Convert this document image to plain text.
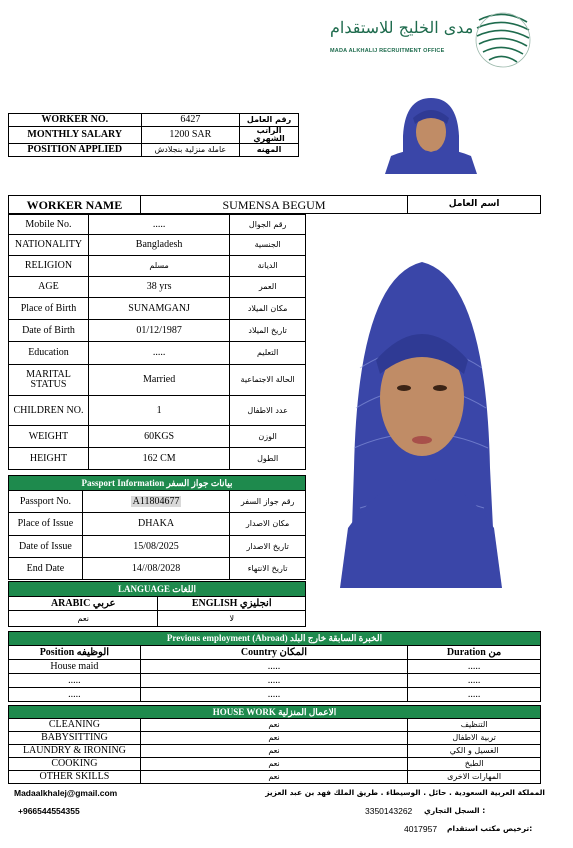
مدى الخليج للاستقدام
MADA ALKHALIJ RECRUITMENT OFFICE
WORKER NO.	6427	رقم العامل
MONTHLY SALARY	1200 SAR	الراتب الشهري
POSITION APPLIED	عاملة منزلية بنجلادش	المهنه
WORKER NAME	SUMENSA BEGUM	اسم العامل
Mobile No.	.....	رقم الجوال
NATIONALITY	Bangladesh	الجنسية
RELIGION	مسلم	الديانة
AGE	38 yrs	العمر
Place of Birth	SUNAMGANJ	مكان الميلاد
Date of Birth	01/12/1987	تاريخ الميلاد
Education	.....	التعليم
MARITAL STATUS	Married	الحالة الاجتماعية
CHILDREN NO.	1	عدد الاطفال
WEIGHT	60KGS	الوزن
HEIGHT	162 CM	الطول
Passport Information بيانات جواز السفر		
Passport No.	A11804677	رقم جواز السفر
Place of Issue	DHAKA	مكان الاصدار
Date of Issue	15/08/2025	تاريخ الاصدار
End Date	14//08/2028	تاريخ الانتهاء
LANGUAGE اللغات	
ARABIC عربي	ENGLISH انجليزي
نعم	لا
Previous employment (Abroad) الخبرة السابقة خارج البلد		
Position الوظيفه	Country المكان	Duration من
House maid	.....	.....
.....	.....	.....
.....	.....	.....
HOUSE WORK الاعمال المنزلية		
CLEANING	نعم	التنظيف
BABYSITTING	نعم	تربية الاطفال
LAUNDRY & IRONING	نعم	الغسيل و الكي
COOKING	نعم	الطبخ
OTHER SKILLS	نعم	المهارات الاخرى
Madaalkhalej@gmail.com
+966544554355
المملكة العربية السعودية . حائل . الوسيطاء . طريق الملك فهد بن عبد العزيز
السجل التجاري :
3350143262
ترخيص مكتب استقدام:
4017957
